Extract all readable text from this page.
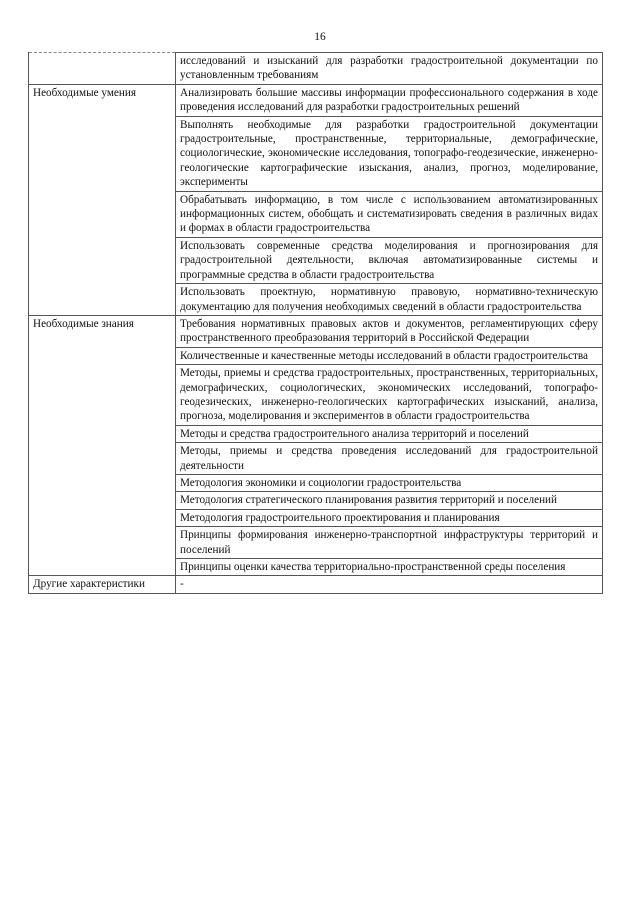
16
	исследований и изысканий для разработки градостроительной документации по установленным требованиям
Необходимые умения	Анализировать большие массивы информации профессионального содержания в ходе проведения исследований для разработки градостроительных решений
	Выполнять необходимые для разработки градостроительной документации градостроительные, пространственные, территориальные, демографические, социологические, экономические исследования, топографо-геодезические, инженерно-геологические картографические изыскания, анализ, прогноз, моделирование, эксперименты
	Обрабатывать информацию, в том числе с использованием автоматизированных информационных систем, обобщать и систематизировать сведения в различных видах и формах в области градостроительства
	Использовать современные средства моделирования и прогнозирования для градостроительной деятельности, включая автоматизированные системы и программные средства в области градостроительства
	Использовать проектную, нормативную правовую, нормативно-техническую документацию для получения необходимых сведений в области градостроительства
Необходимые знания	Требования нормативных правовых актов и документов, регламентирующих сферу пространственного преобразования территорий в Российской Федерации
	Количественные и качественные методы исследований в области градостроительства
	Методы, приемы и средства градостроительных, пространственных, территориальных, демографических, социологических, экономических исследований, топографо-геодезических, инженерно-геологических картографических изысканий, анализа, прогноза, моделирования и экспериментов в области градостроительства
	Методы и средства градостроительного анализа территорий и поселений
	Методы, приемы и средства проведения исследований для градостроительной деятельности
	Методология экономики и социологии градостроительства
	Методология стратегического планирования развития территорий и поселений
	Методология градостроительного проектирования и планирования
	Принципы формирования инженерно-транспортной инфраструктуры территорий и поселений
	Принципы оценки качества территориально-пространственной среды поселения
Другие характеристики	-
